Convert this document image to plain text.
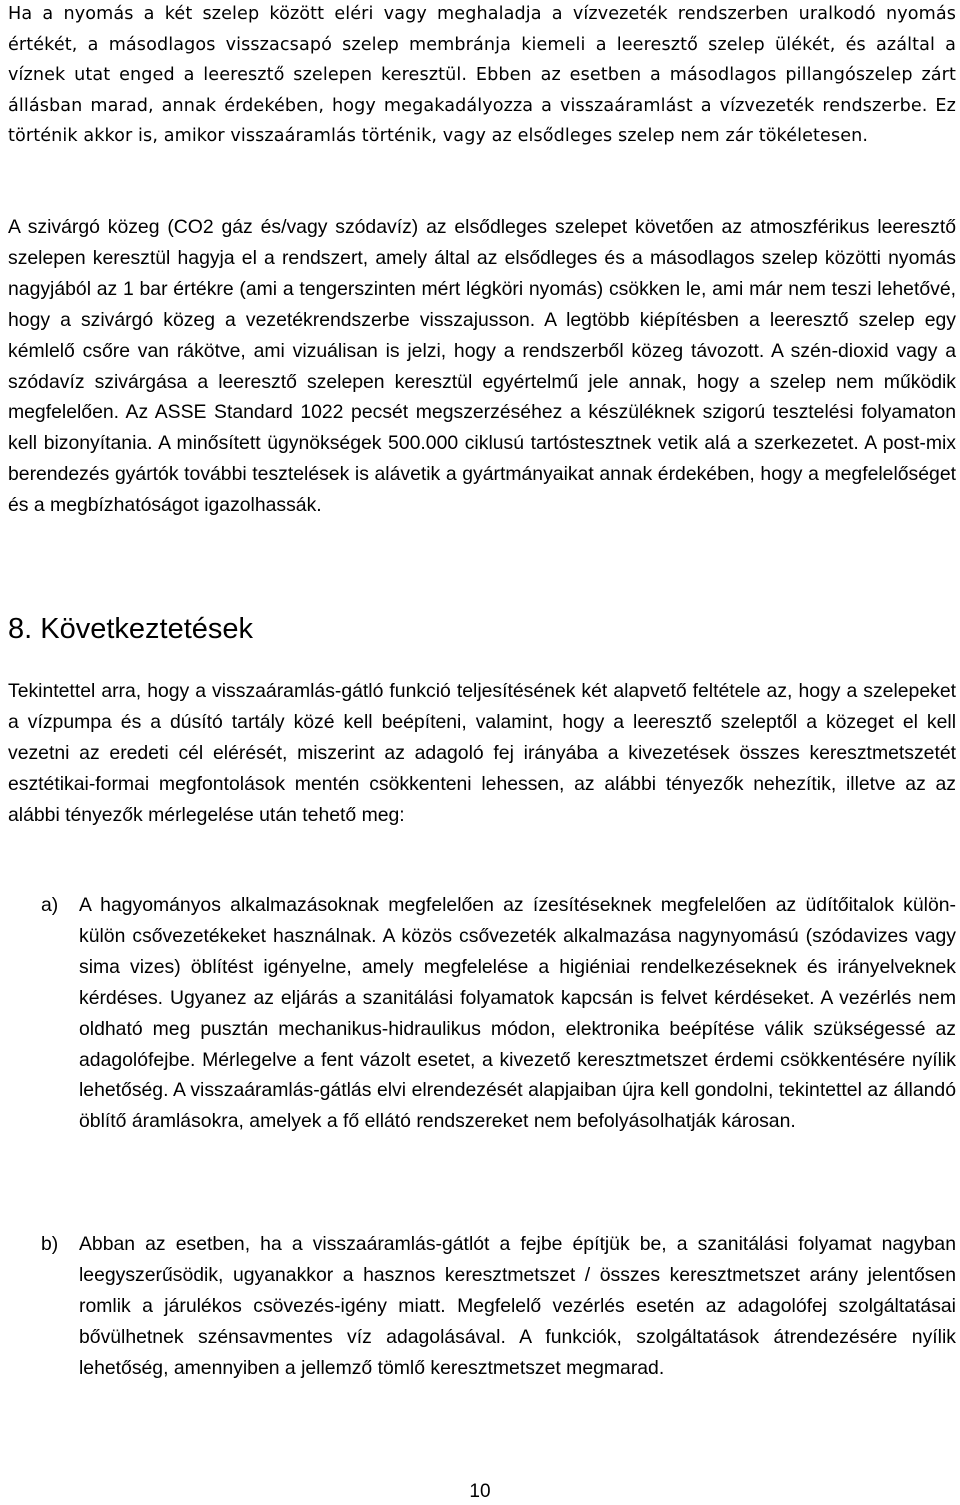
Ha a nyomás a két szelep között eléri vagy meghaladja a vízvezeték rendszerben uralkodó nyomás értékét, a másodlagos visszacsapó szelep membránja kiemeli a leeresztő szelep ülékét, és azáltal a víznek utat enged a leeresztő szelepen keresztül. Ebben az esetben a másodlagos pillangószelep zárt állásban marad, annak érdekében, hogy megakadályozza a visszaáramlást a vízvezeték rendszerbe. Ez történik akkor is, amikor visszaáramlás történik, vagy az elsődleges szelep nem zár tökéletesen.

A szivárgó közeg (CO2 gáz és/vagy szódavíz) az elsődleges szelepet követően az atmoszférikus leeresztő szelepen keresztül hagyja el a rendszert, amely által az elsődleges és a másodlagos szelep közötti nyomás nagyjából az 1 bar értékre (ami a tengerszinten mért légköri nyomás) csökken le, ami már nem teszi lehetővé, hogy a szivárgó közeg a vezetékrendszerbe visszajusson. A legtöbb kiépítésben a leeresztő szelep egy kémlelő csőre van rákötve, ami vizuálisan is jelzi, hogy a rendszerből közeg távozott. A szén-dioxid vagy a szódavíz szivárgása a leeresztő szelepen keresztül egyértelmű jele annak, hogy a szelep nem működik megfelelően. Az ASSE Standard 1022 pecsét megszerzéséhez a készüléknek szigorú tesztelési folyamaton kell bizonyítania. A minősített ügynökségek 500.000 ciklusú tartóstesztnek vetik alá a szerkezetet. A post-mix berendezés gyártók további tesztelések is alávetik a gyártmányaikat annak érdekében, hogy a megfelelőséget és a megbízhatóságot igazolhassák.

8. Következtetések

Tekintettel arra, hogy a visszaáramlás-gátló funkció teljesítésének két alapvető feltétele az, hogy a szelepeket a vízpumpa és a dúsító tartály közé kell beépíteni, valamint, hogy a leeresztő szeleptől a közeget el kell vezetni az eredeti cél elérését, miszerint az adagoló fej irányába a kivezetések összes keresztmetszetét esztétikai-formai megfontolások mentén csökkenteni lehessen, az alábbi tényezők nehezítik, illetve az az alábbi tényezők mérlegelése után tehető meg:

a) A hagyományos alkalmazásoknak megfelelően az ízesítéseknek megfelelően az üdítőitalok külön-külön csővezetékeket használnak. A közös csővezeték alkalmazása nagynyomású (szódavizes vagy sima vizes) öblítést igényelne, amely megfelelése a higiéniai rendelkezéseknek és irányelveknek kérdéses. Ugyanez az eljárás a szanitálási folyamatok kapcsán is felvet kérdéseket. A vezérlés nem oldható meg pusztán mechanikus-hidraulikus módon, elektronika beépítése válik szükségessé az adagolófejbe. Mérlegelve a fent vázolt esetet, a kivezető keresztmetszet érdemi csökkentésére nyílik lehetőség. A visszaáramlás-gátlás elvi elrendezését alapjaiban újra kell gondolni, tekintettel az állandó öblítő áramlásokra, amelyek a fő ellátó rendszereket nem befolyásolhatják károsan.
b) Abban az esetben, ha a visszaáramlás-gátlót a fejbe építjük be, a szanitálási folyamat nagyban leegyszerűsödik, ugyanakkor a hasznos keresztmetszet / összes keresztmetszet arány jelentősen romlik a járulékos csövezés-igény miatt. Megfelelő vezérlés esetén az adagolófej szolgáltatásai bővülhetnek szénsavmentes víz adagolásával. A funkciók, szolgáltatások átrendezésére nyílik lehetőség, amennyiben a jellemző tömlő keresztmetszet megmarad.
10
